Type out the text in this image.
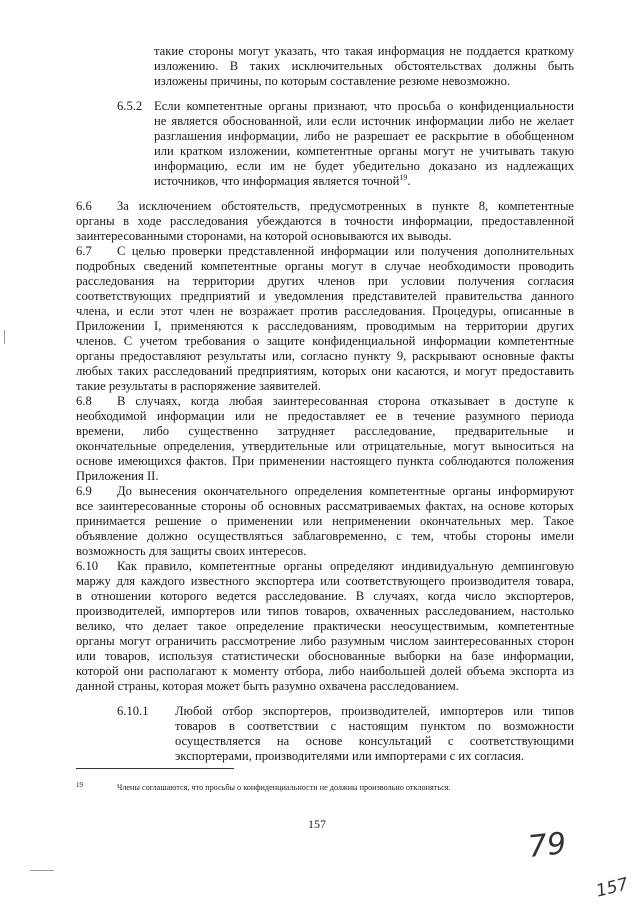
такие стороны могут указать, что такая информация не поддается краткому
изложению. В таких исключительных обстоятельствах должны быть
изложены причины, по которым составление резюме невозможно.
6.5.2 Если компетентные органы признают, что просьба о конфиденциальности
не является обоснованной, или если источник информации либо не желает
разглашения информации, либо не разрешает ее раскрытие в обобщенном
или кратком изложении, компетентные органы могут не учитывать такую
информацию, если им не будет убедительно доказано из надлежащих
источников, что информация является точной$^{19}$.
6.6 За исключением обстоятельств, предусмотренных в пункте 8, компетентные
органы в ходе расследования убеждаются в точности информации, предоставленной
заинтересованными сторонами, на которой основываются их выводы.
6.7 С целью проверки представленной информации или получения дополнительных
подробных сведений компетентные органы могут в случае необходимости проводить
расследования на территории других членов при условии получения согласия
соответствующих предприятий и уведомления представителей правительства данного
члена, и если этот член не возражает против расследования. Процедуры, описанные в
Приложении I, применяются к расследованиям, проводимым на территории других
членов. С учетом требования о защите конфиденциальной информации компетентные
органы предоставляют результаты или, согласно пункту 9, раскрывают основные факты
любых таких расследований предприятиям, которых они касаются, и могут предоставить
такие результаты в распоряжение заявителей.
6.8 В случаях, когда любая заинтересованная сторона отказывает в доступе к
необходимой информации или не предоставляет ее в течение разумного периода
времени, либо существенно затрудняет расследование, предварительные и
окончательные определения, утвердительные или отрицательные, могут выноситься на
основе имеющихся фактов. При применении настоящего пункта соблюдаются положения
Приложения II.
6.9 До вынесения окончательного определения компетентные органы информируют
все заинтересованные стороны об основных рассматриваемых фактах, на основе которых
принимается решение о применении или неприменении окончательных мер. Такое
объявление должно осуществляться заблаговременно, с тем, чтобы стороны имели
возможность для защиты своих интересов.
6.10 Как правило, компетентные органы определяют индивидуальную демпинговую
маржу для каждого известного экспортера или соответствующего производителя товара,
в отношении которого ведется расследование. В случаях, когда число экспортеров,
производителей, импортеров или типов товаров, охваченных расследованием, настолько
велико, что делает такое определение практически неосуществимым, компетентные
органы могут ограничить рассмотрение либо разумным числом заинтересованных сторон
или товаров, используя статистически обоснованные выборки на базе информации,
которой они располагают к моменту отбора, либо наибольшей долей объема экспорта из
данной страны, которая может быть разумно охвачена расследованием.
6.10.1 Любой отбор экспортеров, производителей, импортеров или типов
товаров в соответствии с настоящим пунктом по возможности
осуществляется на основе консультаций с соответствующими
экспортерами, производителями или импортерами с их согласия.
19	Члены соглашаются, что просьбы о конфиденциальности не должны произвольно отклоняться.
157
79
157
